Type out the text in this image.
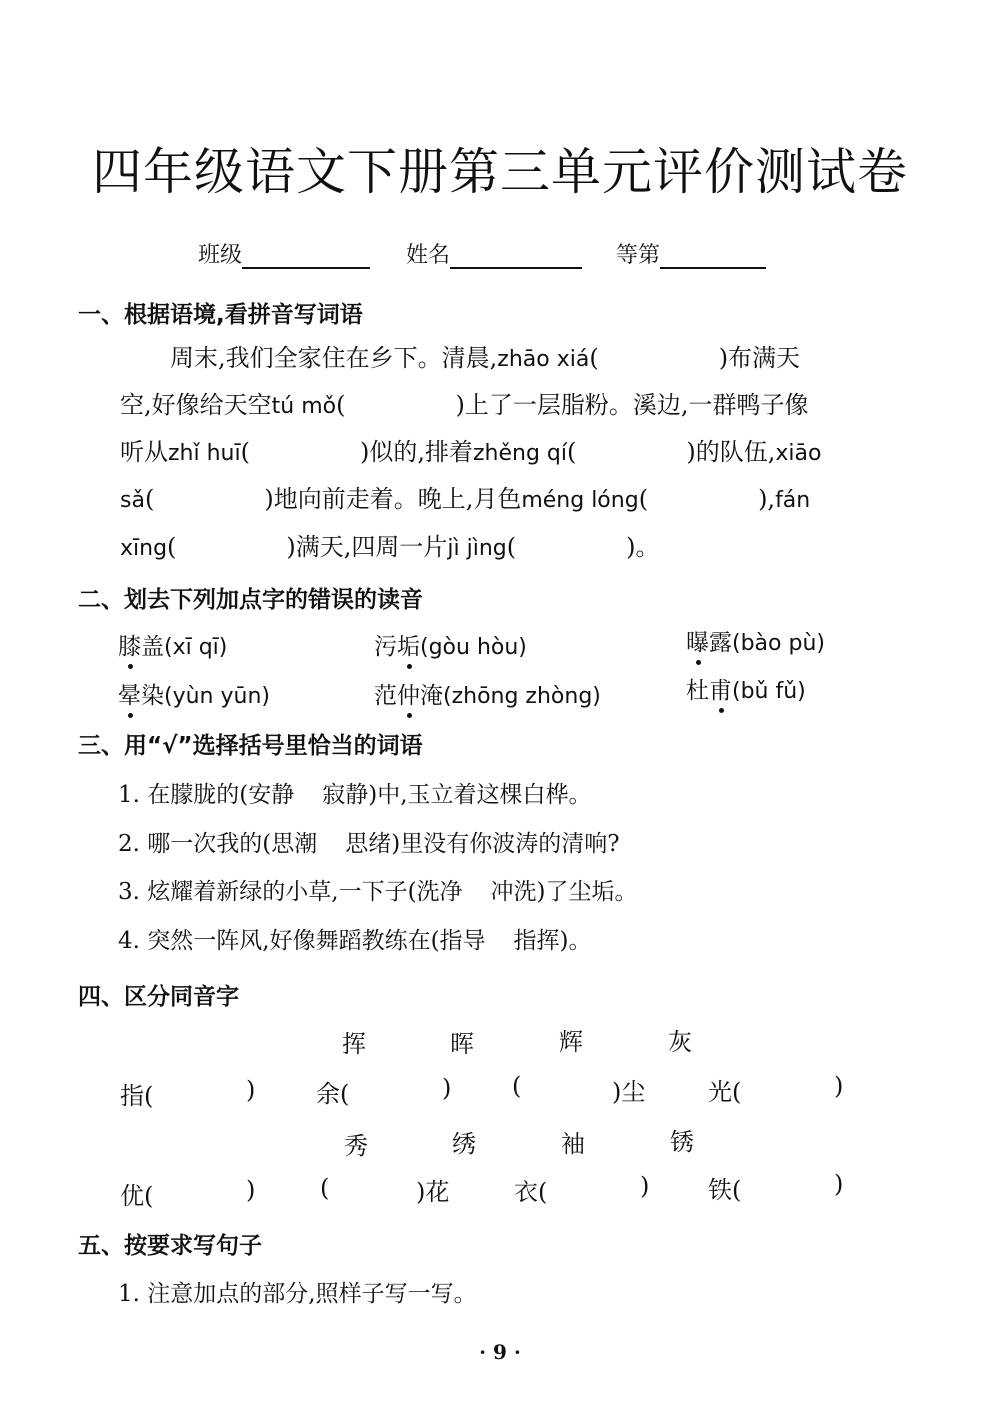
四年级语文下册第三单元评价测试卷
班级	姓名	等第
一、根据语境,看拼音写词语
周末,我们全家住在乡下。清晨,zhāo xiá(	)布满天
空,好像给天空tú mǒ(	)上了一层脂粉。溪边,一群鸭子像
听从zhǐ huī(	)似的,排着zhěng qí(	)的队伍,xiāo
sǎ(	)地向前走着。晚上,月色méng lóng(	),fán
xīng(	)满天,四周一片jì jìng(	)。
二、划去下列加点字的错误的读音
膝盖(xī qī)	污垢(gòu hòu)	曝露(bào pù)
晕染(yùn yūn)	范仲淹(zhōng zhòng)	杜甫(bǔ fǔ)
三、用“√”选择括号里恰当的词语
1. 在朦胧的(安静 寂静)中,玉立着这棵白桦。
2. 哪一次我的(思潮 思绪)里没有你波涛的清响?
3. 炫耀着新绿的小草,一下子(洗净 冲洗)了尘垢。
4. 突然一阵风,好像舞蹈教练在(指导 指挥)。
四、区分同音字
挥	晖	辉	灰
指(	)	余(	)	(	)尘	光(	)
秀	绣	袖	锈
优(	)	(	)花	衣(	) 铁(	)
五、按要求写句子
1. 注意加点的部分,照样子写一写。
· 9 ·
